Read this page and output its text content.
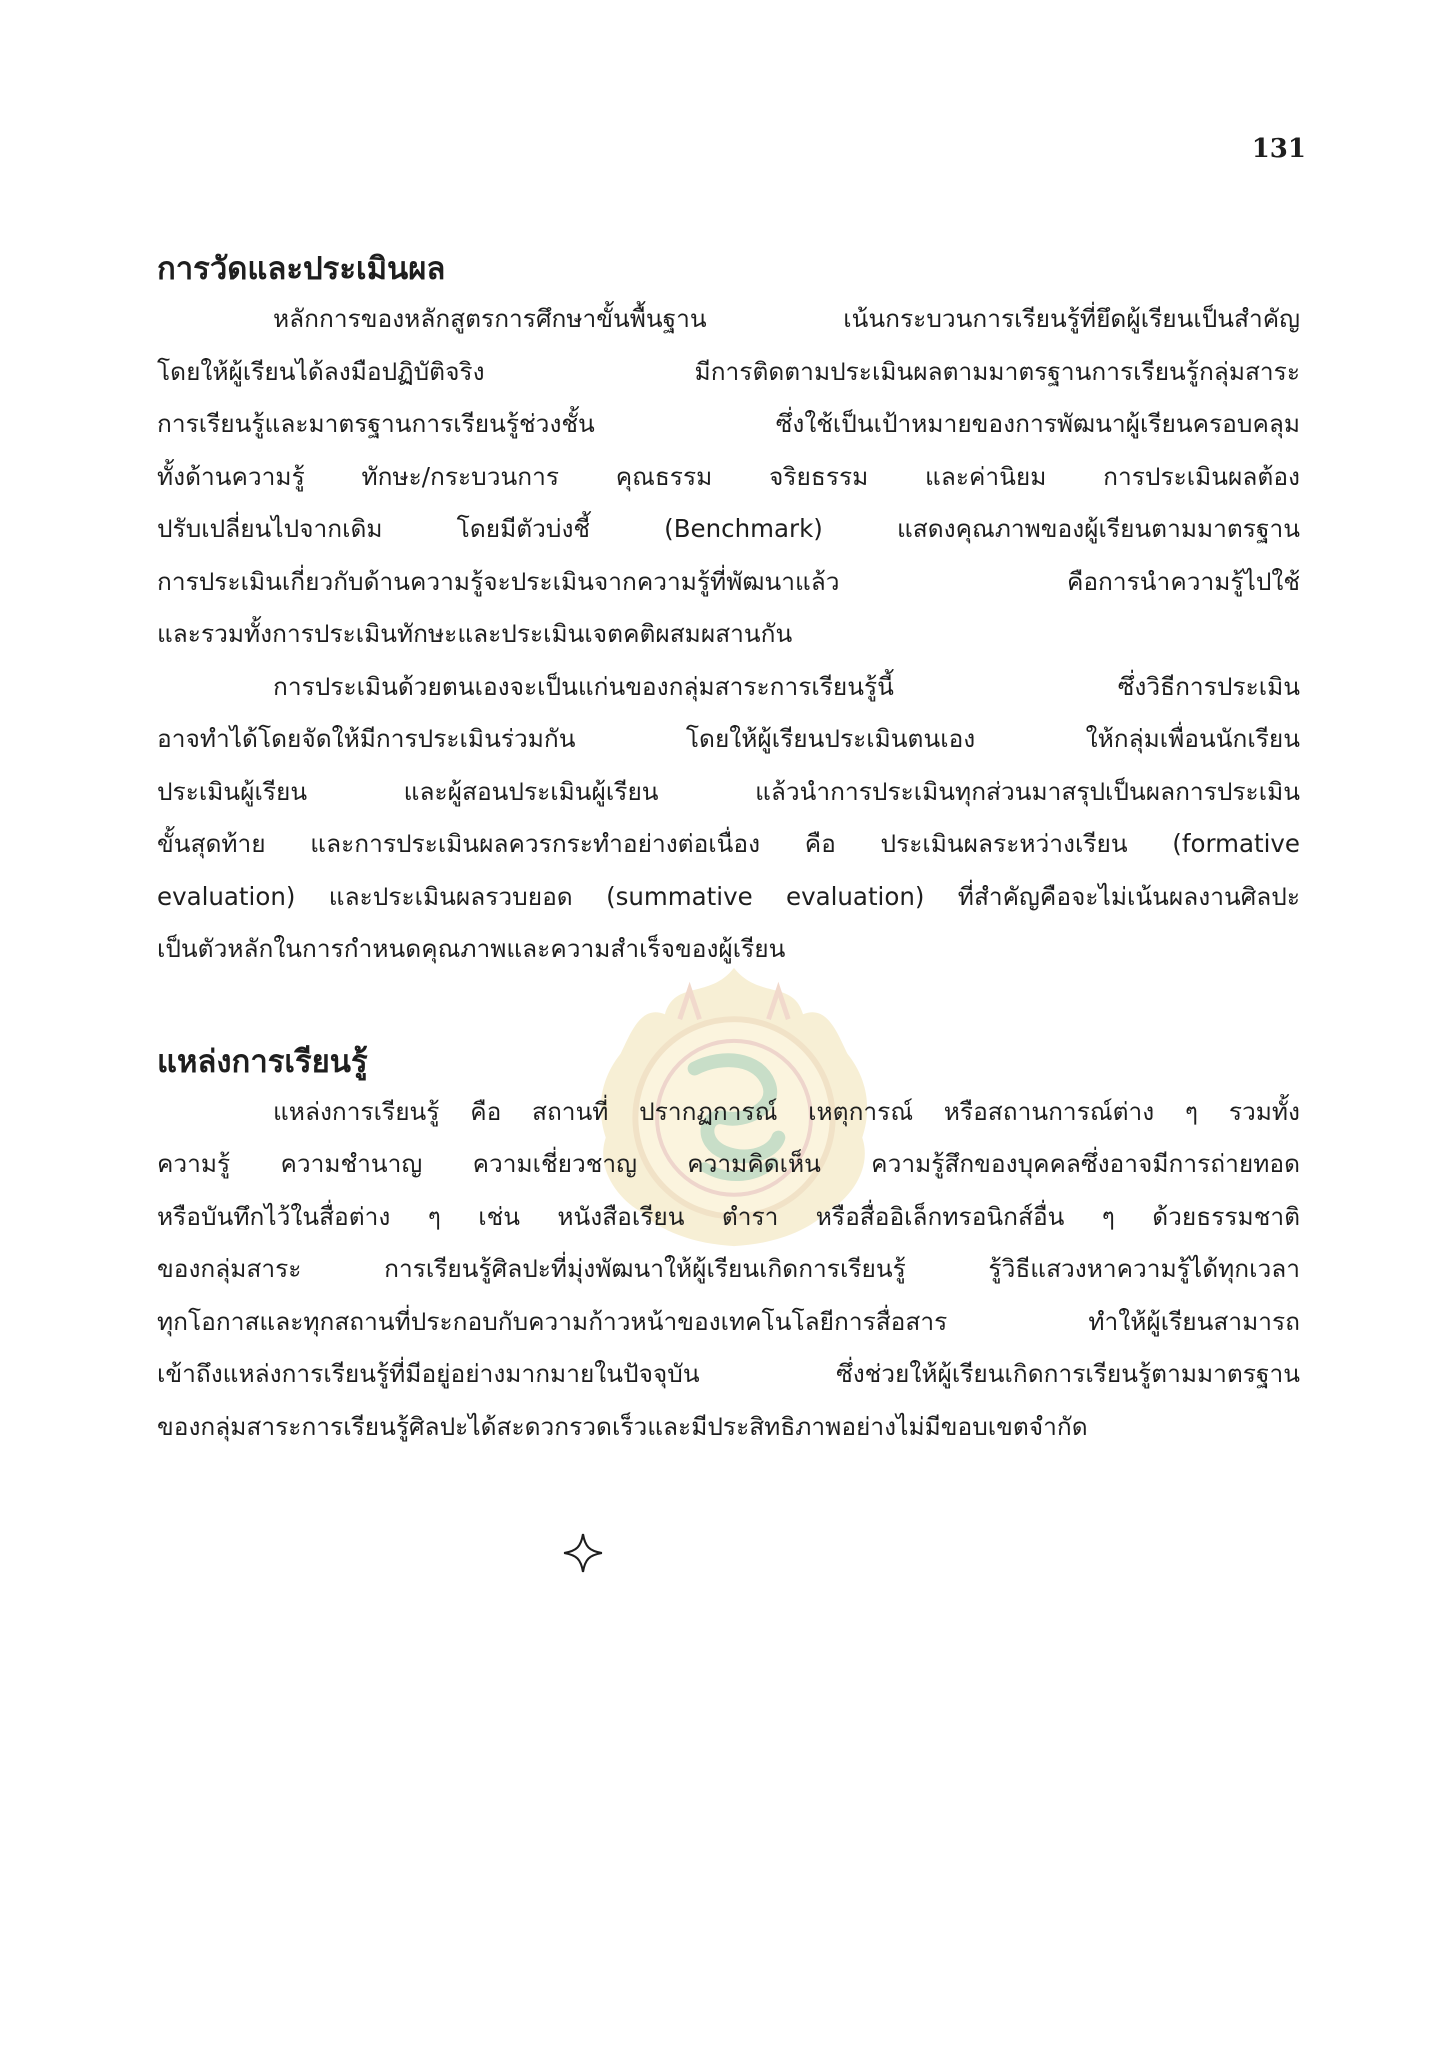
131
การวัดและประเมินผล

หลักการของหลักสูตรการศึกษาขั้นพื้นฐาน เน้นกระบวนการเรียนรู้ที่ยึดผู้เรียนเป็นสำคัญ
โดยให้ผู้เรียนได้ลงมือปฏิบัติจริง มีการติดตามประเมินผลตามมาตรฐานการเรียนรู้กลุ่มสาระ
การเรียนรู้และมาตรฐานการเรียนรู้ช่วงชั้น ซึ่งใช้เป็นเป้าหมายของการพัฒนาผู้เรียนครอบคลุม
ทั้งด้านความรู้ ทักษะ/กระบวนการ คุณธรรม จริยธรรม และค่านิยม การประเมินผลต้อง
ปรับเปลี่ยนไปจากเดิม โดยมีตัวบ่งชี้ (Benchmark) แสดงคุณภาพของผู้เรียนตามมาตรฐาน
การประเมินเกี่ยวกับด้านความรู้จะประเมินจากความรู้ที่พัฒนาแล้ว คือการนำความรู้ไปใช้
และรวมทั้งการประเมินทักษะและประเมินเจตคติผสมผสานกัน

การประเมินด้วยตนเองจะเป็นแก่นของกลุ่มสาระการเรียนรู้นี้ ซึ่งวิธีการประเมิน
อาจทำได้โดยจัดให้มีการประเมินร่วมกัน โดยให้ผู้เรียนประเมินตนเอง ให้กลุ่มเพื่อนนักเรียน
ประเมินผู้เรียน และผู้สอนประเมินผู้เรียน แล้วนำการประเมินทุกส่วนมาสรุปเป็นผลการประเมิน
ขั้นสุดท้าย และการประเมินผลควรกระทำอย่างต่อเนื่อง คือ ประเมินผลระหว่างเรียน (formative
evaluation) และประเมินผลรวบยอด (summative evaluation) ที่สำคัญคือจะไม่เน้นผลงานศิลปะ
เป็นตัวหลักในการกำหนดคุณภาพและความสำเร็จของผู้เรียน

แหล่งการเรียนรู้

แหล่งการเรียนรู้ คือ สถานที่ ปรากฏการณ์ เหตุการณ์ หรือสถานการณ์ต่าง ๆ รวมทั้ง
ความรู้ ความชำนาญ ความเชี่ยวชาญ ความคิดเห็น ความรู้สึกของบุคคลซึ่งอาจมีการถ่ายทอด
หรือบันทึกไว้ในสื่อต่าง ๆ เช่น หนังสือเรียน ตำรา หรือสื่ออิเล็กทรอนิกส์อื่น ๆ ด้วยธรรมชาติ
ของกลุ่มสาระ การเรียนรู้ศิลปะที่มุ่งพัฒนาให้ผู้เรียนเกิดการเรียนรู้ รู้วิธีแสวงหาความรู้ได้ทุกเวลา
ทุกโอกาสและทุกสถานที่ประกอบกับความก้าวหน้าของเทคโนโลยีการสื่อสาร ทำให้ผู้เรียนสามารถ
เข้าถึงแหล่งการเรียนรู้ที่มีอยู่อย่างมากมายในปัจจุบัน ซึ่งช่วยให้ผู้เรียนเกิดการเรียนรู้ตามมาตรฐาน
ของกลุ่มสาระการเรียนรู้ศิลปะได้สะดวกรวดเร็วและมีประสิทธิภาพอย่างไม่มีขอบเขตจำกัด
